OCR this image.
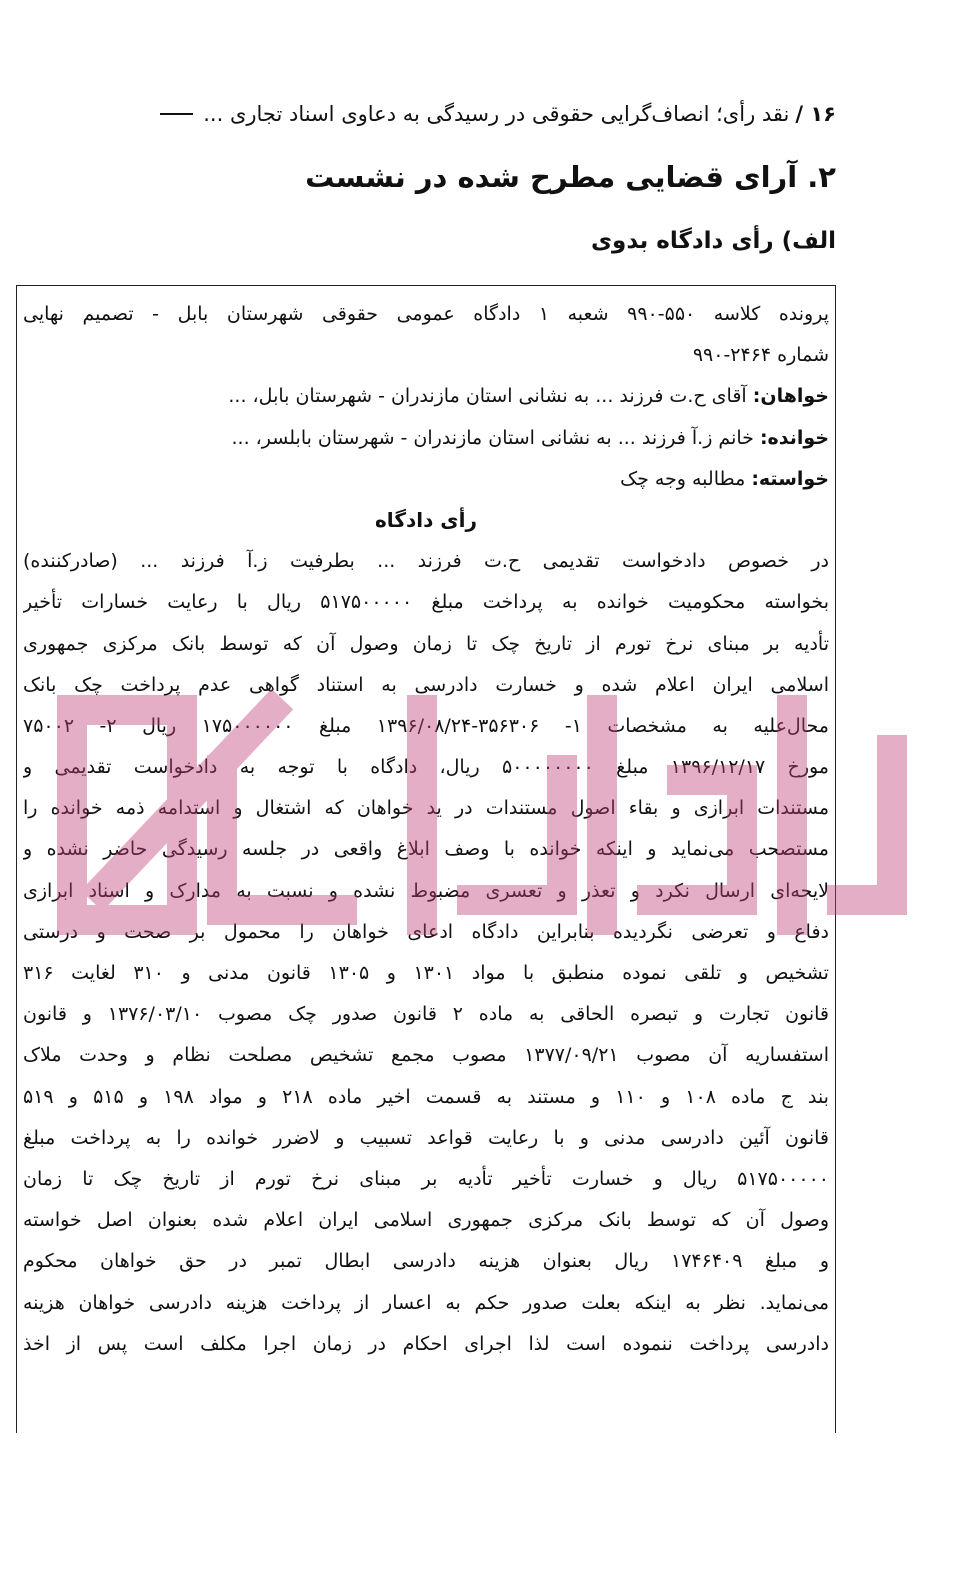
۱۶ /
نقد رأی؛ انصاف‌گرایی حقوقی در رسیدگی به دعاوی اسناد تجاری ...
۲. آرای قضایی مطرح شده در نشست
الف) رأی دادگاه بدوی
پرونده کلاسه ۵۵۰-۹۹۰ شعبه ۱ دادگاه عمومی حقوقی شهرستان بابل - تصمیم نهایی
شماره ۲۴۶۴-۹۹۰
خواهان: آقای ح.ت فرزند ... به نشانی استان مازندران - شهرستان بابل، ...
خوانده: خانم ز.آ فرزند ... به نشانی استان مازندران - شهرستان بابلسر، ...
خواسته: مطالبه وجه چک
رأی دادگاه
در خصوص دادخواست تقدیمی ح.ت فرزند ... بطرفیت ز.آ فرزند ... (صادرکننده)
بخواسته محکومیت خوانده به پرداخت مبلغ ۵۱۷۵۰۰۰۰۰ ریال با رعایت خسارات تأخیر
تأدیه بر مبنای نرخ تورم از تاریخ چک تا زمان وصول آن که توسط بانک مرکزی جمهوری
اسلامی ایران اعلام شده و خسارت دادرسی به استناد گواهی عدم پرداخت چک بانک
محال‌علیه به مشخصات ۱- ۳۵۶۳۰۶-۱۳۹۶/۰۸/۲۴ مبلغ ۱۷۵۰۰۰۰۰۰ ریال ۲- ۷۵۰۰۲
مورخ ۱۳۹۶/۱۲/۱۷ مبلغ ۵۰۰۰۰۰۰۰۰ ریال، دادگاه با توجه به دادخواست تقدیمی و
مستندات ابرازی و بقاء اصول مستندات در ید خواهان که اشتغال و استدامه ذمه خوانده را
مستصحب می‌نماید و اینکه خوانده با وصف ابلاغ واقعی در جلسه رسیدگی حاضر نشده و
لایحه‌ای ارسال نکرد و تعذر و تعسری مضبوط نشده و نسبت به مدارک و اسناد ابرازی
دفاع و تعرضی نگردیده بنابراین دادگاه ادعای خواهان را محمول بر صحت و درستی
تشخیص و تلقی نموده منطبق با مواد ۱۳۰۱ و ۱۳۰۵ قانون مدنی و ۳۱۰ لغایت ۳۱۶
قانون تجارت و تبصره الحاقی به ماده ۲ قانون صدور چک مصوب ۱۳۷۶/۰۳/۱۰ و قانون
استفساریه آن مصوب ۱۳۷۷/۰۹/۲۱ مصوب مجمع تشخیص مصلحت نظام و وحدت ملاک
بند ج ماده ۱۰۸ و ۱۱۰ و مستند به قسمت اخیر ماده ۲۱۸ و مواد ۱۹۸ و ۵۱۵ و ۵۱۹
قانون آئین دادرسی مدنی و با رعایت قواعد تسبیب و لاضرر خوانده را به پرداخت مبلغ
۵۱۷۵۰۰۰۰۰ ریال و خسارت تأخیر تأدیه بر مبنای نرخ تورم از تاریخ چک تا زمان
وصول آن که توسط بانک مرکزی جمهوری اسلامی ایران اعلام شده بعنوان اصل خواسته
و مبلغ ۱۷۴۶۴۰۹ ریال بعنوان هزینه دادرسی ابطال تمبر در حق خواهان محکوم
می‌نماید. نظر به اینکه بعلت صدور حکم به اعسار از پرداخت هزینه دادرسی خواهان هزینه
دادرسی پرداخت ننموده است لذا اجرای احکام در زمان اجرا مکلف است پس از اخذ
